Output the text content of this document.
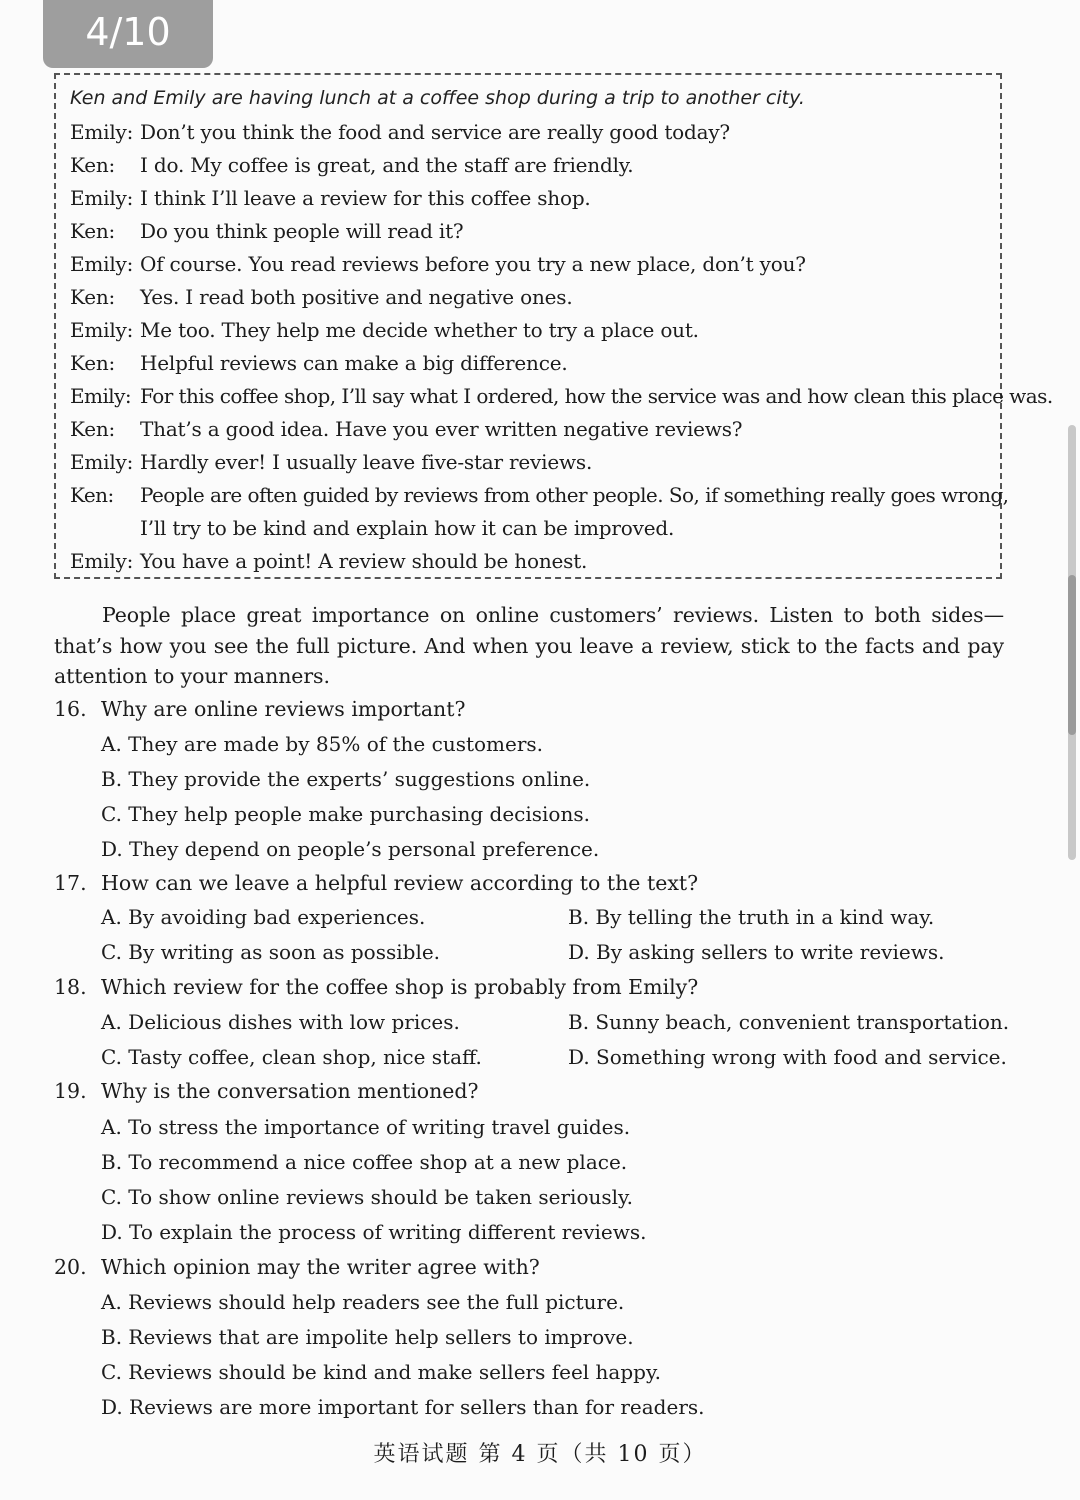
4/10
Ken and Emily are having lunch at a coffee shop during a trip to another city.
Emily: Don’t you think the food and service are really good today?
Ken: I do. My coffee is great, and the staff are friendly.
Emily: I think I’ll leave a review for this coffee shop.
Ken: Do you think people will read it?
Emily: Of course. You read reviews before you try a new place, don’t you?
Ken: Yes. I read both positive and negative ones.
Emily: Me too. They help me decide whether to try a place out.
Ken: Helpful reviews can make a big difference.
Emily: For this coffee shop, I’ll say what I ordered, how the service was and how clean this place was.
Ken: That’s a good idea. Have you ever written negative reviews?
Emily: Hardly ever! I usually leave five-star reviews.
Ken: People are often guided by reviews from other people. So, if something really goes wrong,
I’ll try to be kind and explain how it can be improved.
Emily: You have a point! A review should be honest.

People place great importance on online customers’ reviews. Listen to both sides—that’s how you see the full picture. And when you leave a review, stick to the facts and pay attention to your manners.

16. Why are online reviews important?
A. They are made by 85% of the customers.
B. They provide the experts’ suggestions online.
C. They help people make purchasing decisions.
D. They depend on people’s personal preference.
17. How can we leave a helpful review according to the text?
A. By avoiding bad experiences.	B. By telling the truth in a kind way.
C. By writing as soon as possible.	D. By asking sellers to write reviews.
18. Which review for the coffee shop is probably from Emily?
A. Delicious dishes with low prices.	B. Sunny beach, convenient transportation.
C. Tasty coffee, clean shop, nice staff.	D. Something wrong with food and service.
19. Why is the conversation mentioned?
A. To stress the importance of writing travel guides.
B. To recommend a nice coffee shop at a new place.
C. To show online reviews should be taken seriously.
D. To explain the process of writing different reviews.
20. Which opinion may the writer agree with?
A. Reviews should help readers see the full picture.
B. Reviews that are impolite help sellers to improve.
C. Reviews should be kind and make sellers feel happy.
D. Reviews are more important for sellers than for readers.
英语试题 第 4 页（共 10 页）
